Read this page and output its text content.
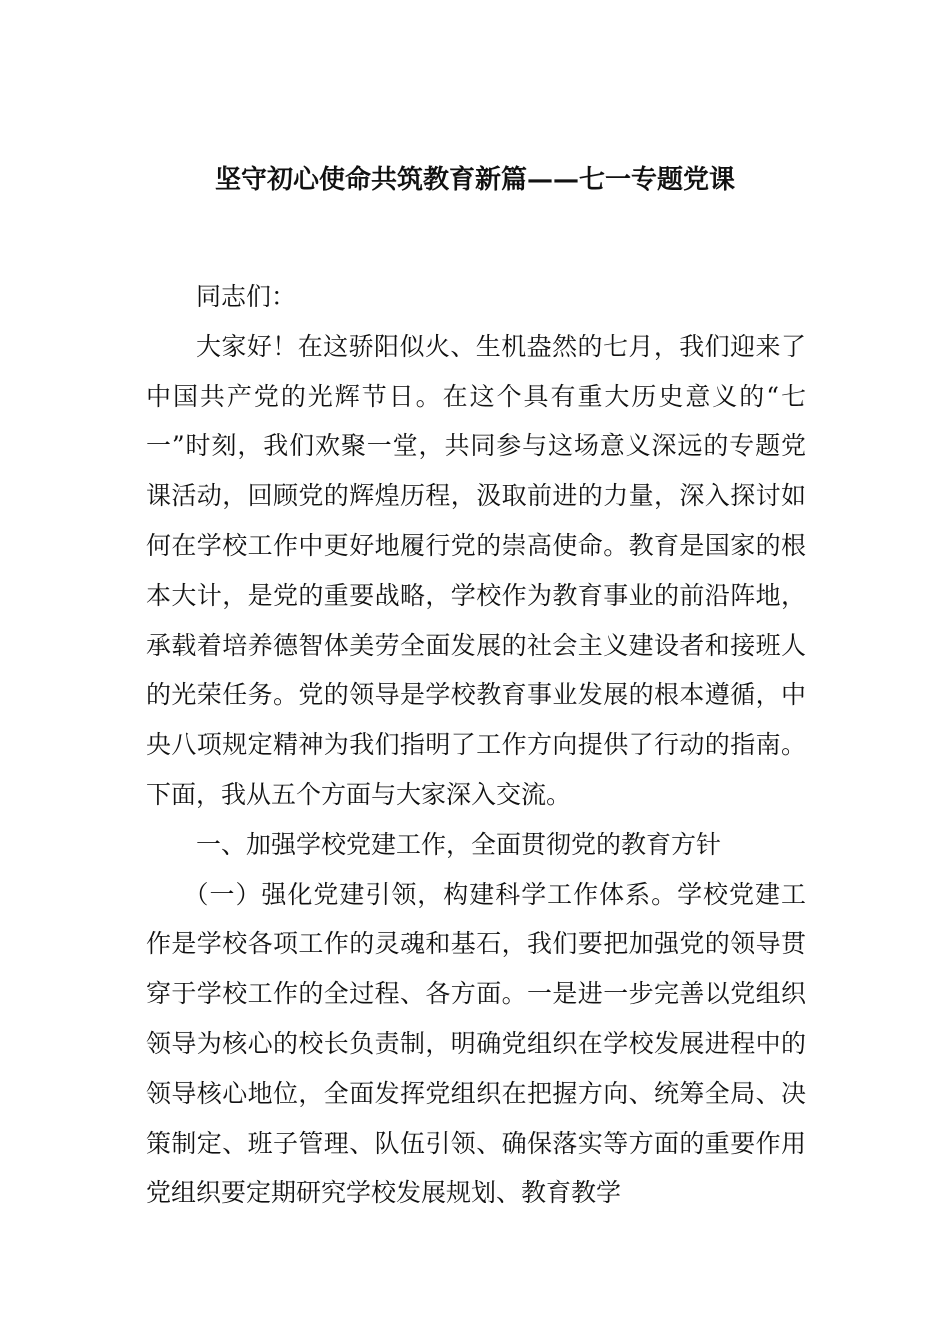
坚守初心使命共筑教育新篇——七一专题党课

同志们：

大家好！在这骄阳似火、生机盎然的七月，我们迎来了中国共产党的光辉节日。在这个具有重大历史意义的“七一”时刻，我们欢聚一堂，共同参与这场意义深远的专题党课活动，回顾党的辉煌历程，汲取前进的力量，深入探讨如何在学校工作中更好地履行党的崇高使命。教育是国家的根本大计，是党的重要战略，学校作为教育事业的前沿阵地，承载着培养德智体美劳全面发展的社会主义建设者和接班人的光荣任务。党的领导是学校教育事业发展的根本遵循，中央八项规定精神为我们指明了工作方向提供了行动的指南。下面，我从五个方面与大家深入交流。

一、加强学校党建工作，全面贯彻党的教育方针

（一）强化党建引领，构建科学工作体系。学校党建工作是学校各项工作的灵魂和基石，我们要把加强党的领导贯穿于学校工作的全过程、各方面。一是进一步完善以党组织领导为核心的校长负责制，明确党组织在学校发展进程中的领导核心地位，全面发挥党组织在把握方向、统筹全局、决策制定、班子管理、队伍引领、确保落实等方面的重要作用党组织要定期研究学校发展规划、教育教学
